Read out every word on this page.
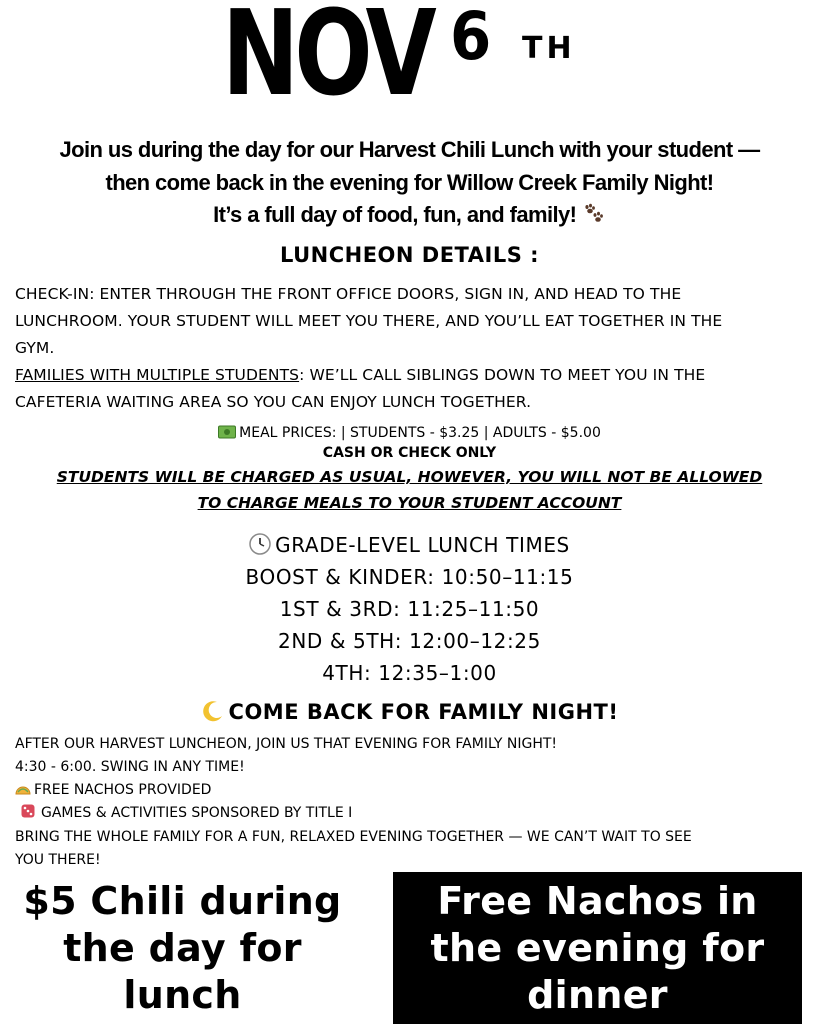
NOV 6 TH
Join us during the day for our Harvest Chili Lunch with your student —
then come back in the evening for Willow Creek Family Night!
It’s a full day of food, fun, and family!
LUNCHEON DETAILS :
CHECK-IN: ENTER THROUGH THE FRONT OFFICE DOORS, SIGN IN, AND HEAD TO THE
LUNCHROOM. YOUR STUDENT WILL MEET YOU THERE, AND YOU’LL EAT TOGETHER IN THE
GYM.
FAMILIES WITH MULTIPLE STUDENTS: WE’LL CALL SIBLINGS DOWN TO MEET YOU IN THE
CAFETERIA WAITING AREA SO YOU CAN ENJOY LUNCH TOGETHER.
MEAL PRICES: | STUDENTS - $3.25 | ADULTS - $5.00
CASH OR CHECK ONLY
STUDENTS WILL BE CHARGED AS USUAL, HOWEVER, YOU WILL NOT BE ALLOWED
TO CHARGE MEALS TO YOUR STUDENT ACCOUNT
GRADE-LEVEL LUNCH TIMES
BOOST & KINDER: 10:50–11:15
1ST & 3RD: 11:25–11:50
2ND & 5TH: 12:00–12:25
4TH: 12:35–1:00
COME BACK FOR FAMILY NIGHT!
AFTER OUR HARVEST LUNCHEON, JOIN US THAT EVENING FOR FAMILY NIGHT!
4:30 - 6:00. SWING IN ANY TIME!
FREE NACHOS PROVIDED
GAMES & ACTIVITIES SPONSORED BY TITLE I
BRING THE WHOLE FAMILY FOR A FUN, RELAXED EVENING TOGETHER — WE CAN’T WAIT TO SEE
YOU THERE!
$5 Chili during
the day for
lunch
Free Nachos in
the evening for
dinner
